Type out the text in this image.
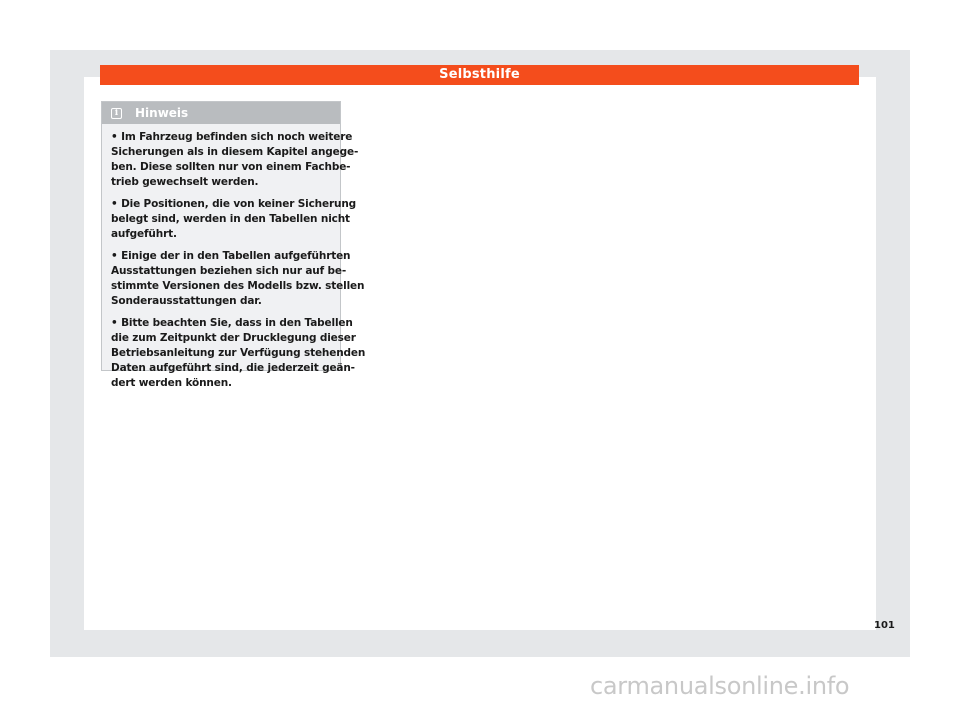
Selbsthilfe
i	Hinweis
• Im Fahrzeug befinden sich noch weitere
Sicherungen als in diesem Kapitel angege-
ben. Diese sollten nur von einem Fachbe-
trieb gewechselt werden.
• Die Positionen, die von keiner Sicherung
belegt sind, werden in den Tabellen nicht
aufgeführt.
• Einige der in den Tabellen aufgeführten
Ausstattungen beziehen sich nur auf be-
stimmte Versionen des Modells bzw. stellen
Sonderausstattungen dar.
• Bitte beachten Sie, dass in den Tabellen
die zum Zeitpunkt der Drucklegung dieser
Betriebsanleitung zur Verfügung stehenden
Daten aufgeführt sind, die jederzeit geän-
dert werden können.
101
carmanualsonline.info
